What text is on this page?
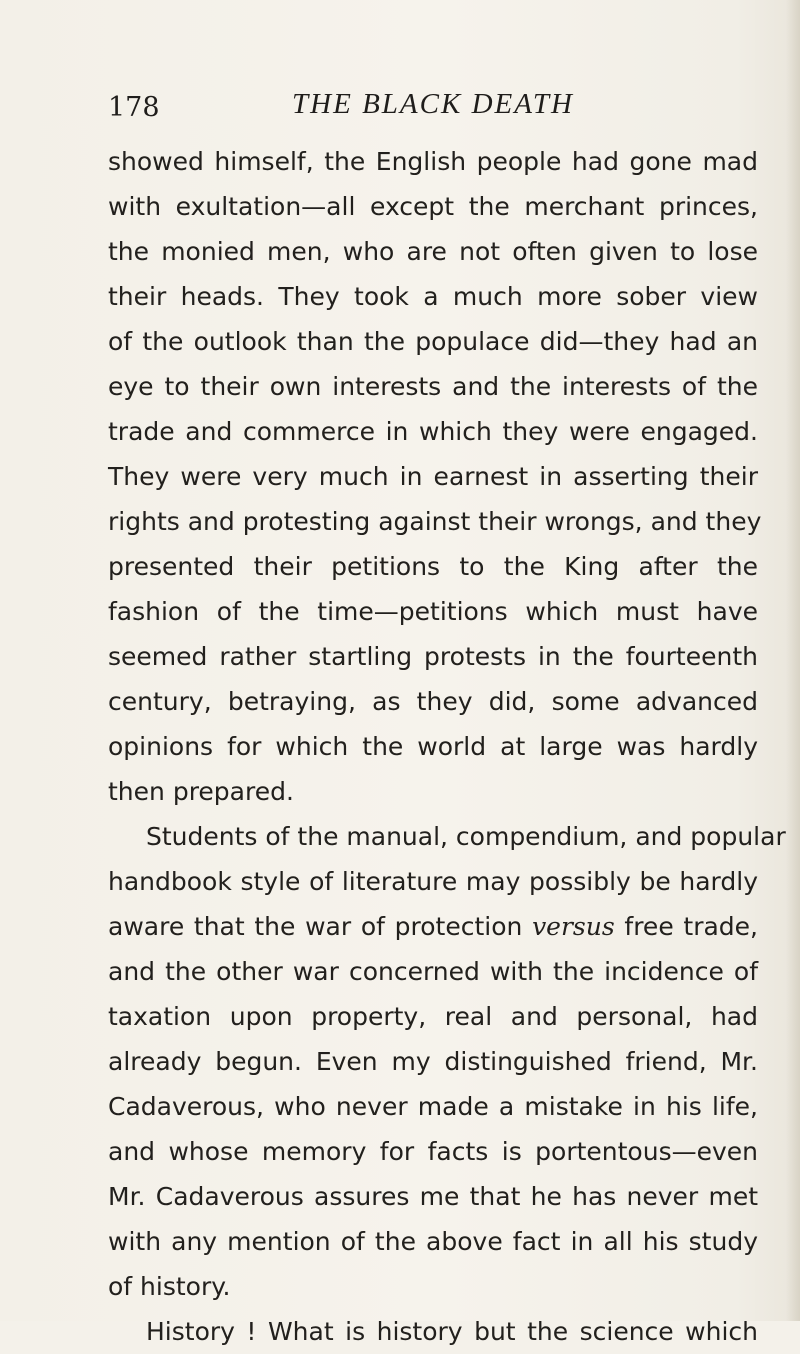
178	THE BLACK DEATH
showed himself, the English people had gone mad
with exultation—all except the merchant princes,
the monied men, who are not often given to lose
their heads. They took a much more sober view
of the outlook than the populace did—they had an
eye to their own interests and the interests of the
trade and commerce in which they were engaged.
They were very much in earnest in asserting their
rights and protesting against their wrongs, and they
presented their petitions to the King after the
fashion of the time—petitions which must have
seemed rather startling protests in the fourteenth
century, betraying, as they did, some advanced
opinions for which the world at large was hardly
then prepared.
Students of the manual, compendium, and popular
handbook style of literature may possibly be hardly
aware that the war of protection versus free trade,
and the other war concerned with the incidence of
taxation upon property, real and personal, had
already begun. Even my distinguished friend, Mr.
Cadaverous, who never made a mistake in his life,
and whose memory for facts is portentous—even
Mr. Cadaverous assures me that he has never met
with any mention of the above fact in all his study
of history.
History ! What is history but the science which
